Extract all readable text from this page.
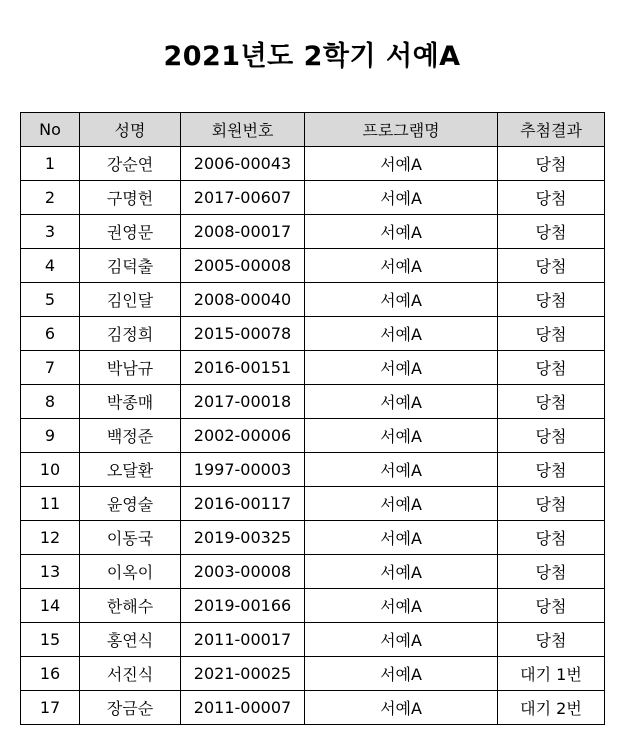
2021년도 2학기 서예A
No	성명	회원번호	프로그램명	추첨결과
1	강순연	2006-00043	서예A	당첨
2	구명헌	2017-00607	서예A	당첨
3	권영문	2008-00017	서예A	당첨
4	김덕출	2005-00008	서예A	당첨
5	김인달	2008-00040	서예A	당첨
6	김정희	2015-00078	서예A	당첨
7	박남규	2016-00151	서예A	당첨
8	박종매	2017-00018	서예A	당첨
9	백정준	2002-00006	서예A	당첨
10	오달환	1997-00003	서예A	당첨
11	윤영술	2016-00117	서예A	당첨
12	이동국	2019-00325	서예A	당첨
13	이옥이	2003-00008	서예A	당첨
14	한해수	2019-00166	서예A	당첨
15	홍연식	2011-00017	서예A	당첨
16	서진식	2021-00025	서예A	대기 1번
17	장금순	2011-00007	서예A	대기 2번
